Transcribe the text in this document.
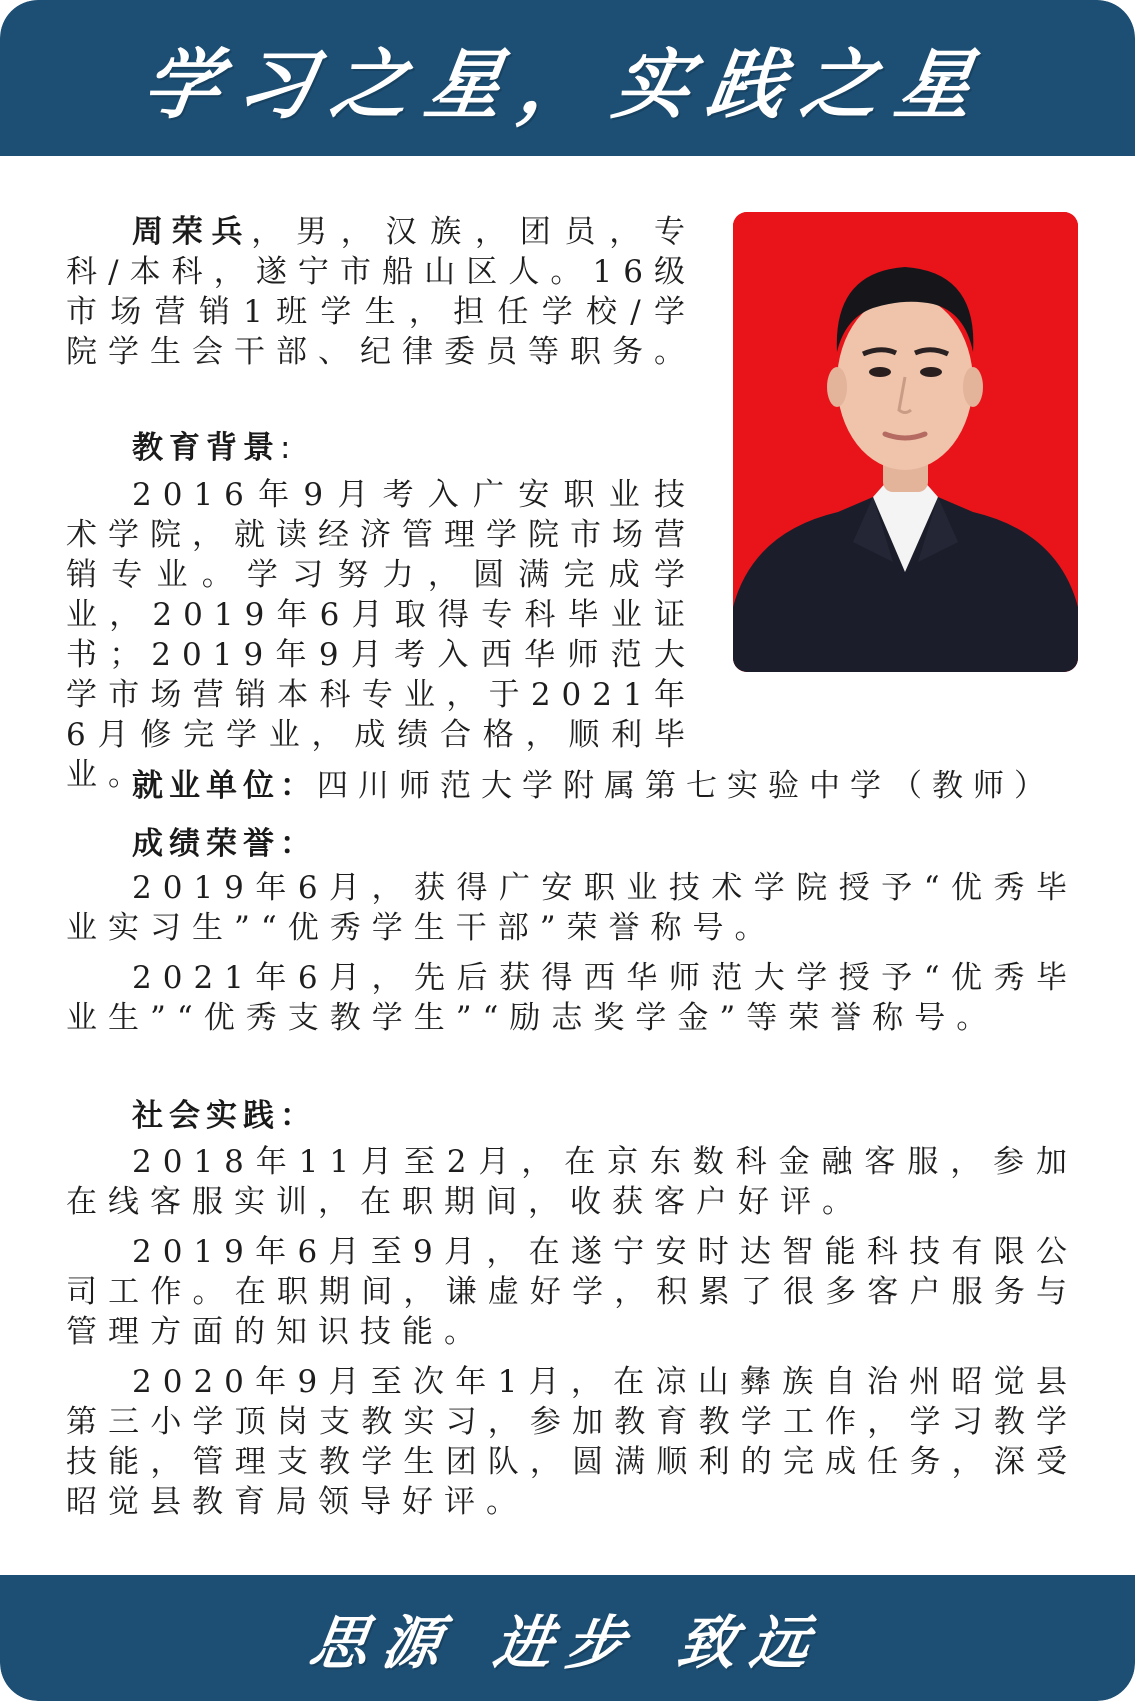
学习之星，实践之星

周荣兵，男，汉族，团员，专科/本科，遂宁市船山区人。16级市场营销1班学生，担任学校/学院学生会干部、纪律委员等职务。

教育背景:

2016年9月考入广安职业技术学院，就读经济管理学院市场营销专业。学习努力，圆满完成学业，2019年6月取得专科毕业证书；2019年9月考入西华师范大学市场营销本科专业，于2021年6月修完学业，成绩合格，顺利毕业。

就业单位：四川师范大学附属第七实验中学（教师）

成绩荣誉：

2019年6月，获得广安职业技术学院授予“优秀毕业实习生”“优秀学生干部”荣誉称号。

2021年6月，先后获得西华师范大学授予“优秀毕业生”“优秀支教学生”“励志奖学金”等荣誉称号。

社会实践：

2018年11月至2月，在京东数科金融客服，参加在线客服实训，在职期间，收获客户好评。

2019年6月至9月，在遂宁安时达智能科技有限公司工作。在职期间，谦虚好学，积累了很多客户服务与管理方面的知识技能。

2020年9月至次年1月，在凉山彝族自治州昭觉县第三小学顶岗支教实习，参加教育教学工作，学习教学技能，管理支教学生团队，圆满顺利的完成任务，深受昭觉县教育局领导好评。

思源 进步 致远
